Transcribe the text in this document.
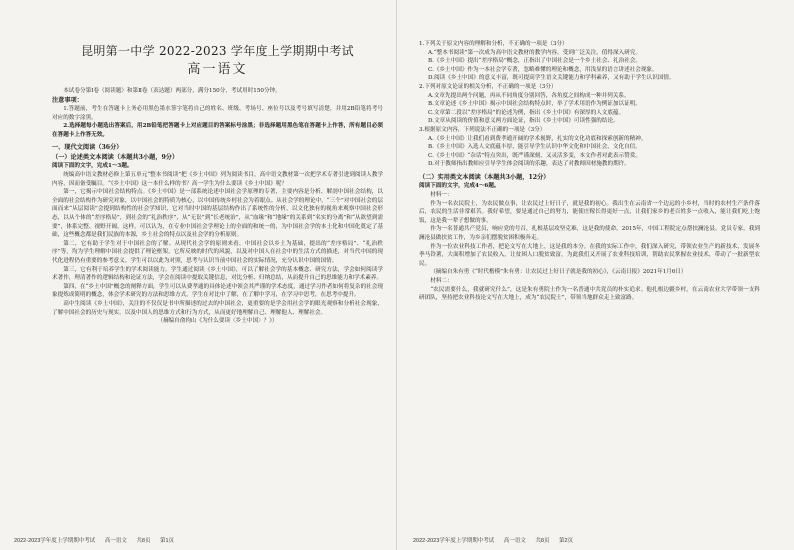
昆明第一中学 2022-2023 学年度上学期期中考试

高一语文

本试卷分第Ⅰ卷（阅读题）和第Ⅱ卷（表达题）两部分，满分150分，考试用时150分钟。

注意事项：

1.答题前，考生在答题卡上务必用黑色墨水签字笔将自己的姓名、班级、考场号、座位号以及考号填写清楚，并用2B铅笔将考号对应的数字涂黑。

2.选择题每小题选出答案后，用2B铅笔把答题卡上对应题目的答案标号涂黑；非选择题用黑色笔在答题卡上作答，所有题目必须在答题卡上作答无效。

一、现代文阅读（36分）

（一）论述类文本阅读（本题共3小题，9分）

阅读下面的文字，完成1～3题。

统编高中语文教材必修上第五单元“整本书阅读”把《乡土中国》列为阅读书目，高中语文教材第一次把学术专著引进到阅读人教学内容，因而备受瞩目。“《乡土中国》这一本什么样的书？高一学生为什么要读《乡土中国》呢？

第一，它揭示中国社会结构特点。《乡土中国》是一部系统论述中国社会学原理的专著，主要内容是分析、解剖中国社会结构，以全面的社会结构作为研究对象，以中国社会的特质为核心，以中国传统乡村社会为着眼点。从社会学的理论中，“三个”对中国社会的层面而来“从层阅读”会提到结构性的社会学知识，它对当时中国的基层结构作出了系统性的分析，以文化独有的视角来观察中国社会形态，以从个体的“差序格局”，到社会的“礼治秩序”，从“无讼”到“长老统治”，从“血缘”和“地缘”的关系到“名实的分离”和“从欲望到需要”，体系完整、视野开阔。这样，可以认为，在专业中国社会学理论上的全面的和统一的，为中国社会学的本土化和中国化奠定了基础，这些概念都是我们民族的本源，乡土社会的特点以及社会学的分析原则。

第二，它有助于学生对于中国社会的了解。从现代社会学的原则来看，中国社会以乡土为基础，提出的“差序格局”、“礼治秩序”等，均为学生理解中国社会提供了理论框架，它所反映的时代的风貌，以及对中国人在社会中的生活方式的描述，对当代中国的现代化进程仍有重要的参考意义。学生可以以此为对照，思考与认识当前中国社会的实际情况，充分认识中国的国情。

第三，它有利于培养学生的学术阅读能力。学生通过阅读《乡土中国》，可以了解社会学的基本概念、研究方法，学会如何阅读学术著作，理清著作的逻辑结构和论证方法，学会在阅读中提取关键信息，对比分析、归纳总结，从而提升自己的思维能力和学术素养。

第四，在“乡土中国”概念的阐释方面，学生可以从费孝通的具体论述中领会其严谨的学术态度，通过学习作者如何将复杂的社会现象提炼成简明的概念，体会学术研究的方法和思维方式。学生在对比中了解，在了解中学习，在学习中思考，在思考中提升。

高中生阅读《乡土中国》，关注的不仅仅是书中所描述的过去的中国社会，更重要的是学会用社会学的眼光观察和分析社会现象，了解中国社会的历史与现实，以及中国人的思维方式和行为方式，从而更好地理解自己、理解他人、理解社会。

（摘编自俞钧山《为什么要读〈乡土中国〉？》）

2022-2023学年度上学期期中考试 高一语文 共8页 第1页

1.下列关于原文内容的理解和分析，不正确的一项是（3分）

A.“整本书阅读”第一次成为高中语文教材的教学内容，受到广泛关注，值得深入研究。

B.《乡土中国》提出“差序格局”概念，正指出了中国社会是一个乡土社会、礼治社会。

C.《乡土中国》作为一本社会学专著，忽略难懂的理论和概念，用浅显的语言讲述社会现象。

D.阅读《乡土中国》的意义丰富，既可提高学生语文关键能力和学科素养，又有助于学生认识国情。

2.下列对原文论证的相关分析，不正确的一项是（3分）

A.文章先提出两个问题，再从不同角度分别回答，各角度之间构成一种并列关系。

B.文章论述《乡土中国》揭示中国社会结构特点时，举了学术用语作为例证加以证明。

C.文章第二段以“差序格局”的论述为例，指出《乡土中国》有深厚的人文底蕴。

D.文章从阅读的价值和意义两方面论证，指出《乡土中国》可读性强的结论。

3.根据原文内容，下列说法不正确的一项是（3分）

A.《乡土中国》让我们看到费孝通开阔的学术视野，扎实的文化功底和探索创新的精神。

B.《乡土中国》入选人文底蕴丰厚，能引导学生认识中华文化和中国社会，文化自信。

C.《乡土中国》“杂话”特点突出，既严谨深刻，又灵活多变，本文作者对此表示赞赏。

D.对于教师指出教师应引导学生体会阅读的乐趣，表达了对教师因材施教的期许。

（二）实用类文本阅读（本题共3小题，12分）

阅读下面的文字，完成4～6题。

材料一：

作为一名农民院士，为农民做点事，让农民过上好日子，就是我的初心。我出生在云南省一个边远的小乡村，当时的农村生产条件落后，农民的生活非常艰苦。我好希望，要是通过自己的努力，能使庄稼长得更好一点，让我们家乡的老百姓多一点收入，能让我们吃上饱饭，这是我一辈子想做的事。

作为一名普通共产党员，响应党的号召，扎根基层攻坚克难，这是我的使命。2015年，中国工程院定点帮扶澜沧县。党员专家，我到澜沧县做扶贫工作，为乡亲们摆脱贫困积极奔走。

作为一位农业科技工作者，把论文写在大地上，这是我的本分。在我的实际工作中，我们深入研究，带领农业生产的新技术，发展冬季马铃薯，大面积增加了农民收入，让贫困人口脱贫致富，为此我们又开展了农业科技培训，帮助农民掌握农业技术，带动了一批新型农民。

（摘编自朱有勇《“时代楷模”朱有勇：让农民过上好日子就是我的初心》，《云南日报》2021年1月6日）

材料二：

“农民需要什么，我就研究什么”，这是朱有勇院士作为一名普通中共党员的朴实追求。他扎根边疆乡村，在云南农业大学带领一支科研团队，坚持把农业科技论文写在大地上，成为“农民院士”，带领当地群众走上致富路。

2022-2023学年度上学期期中考试 高一语文 共8页 第2页
